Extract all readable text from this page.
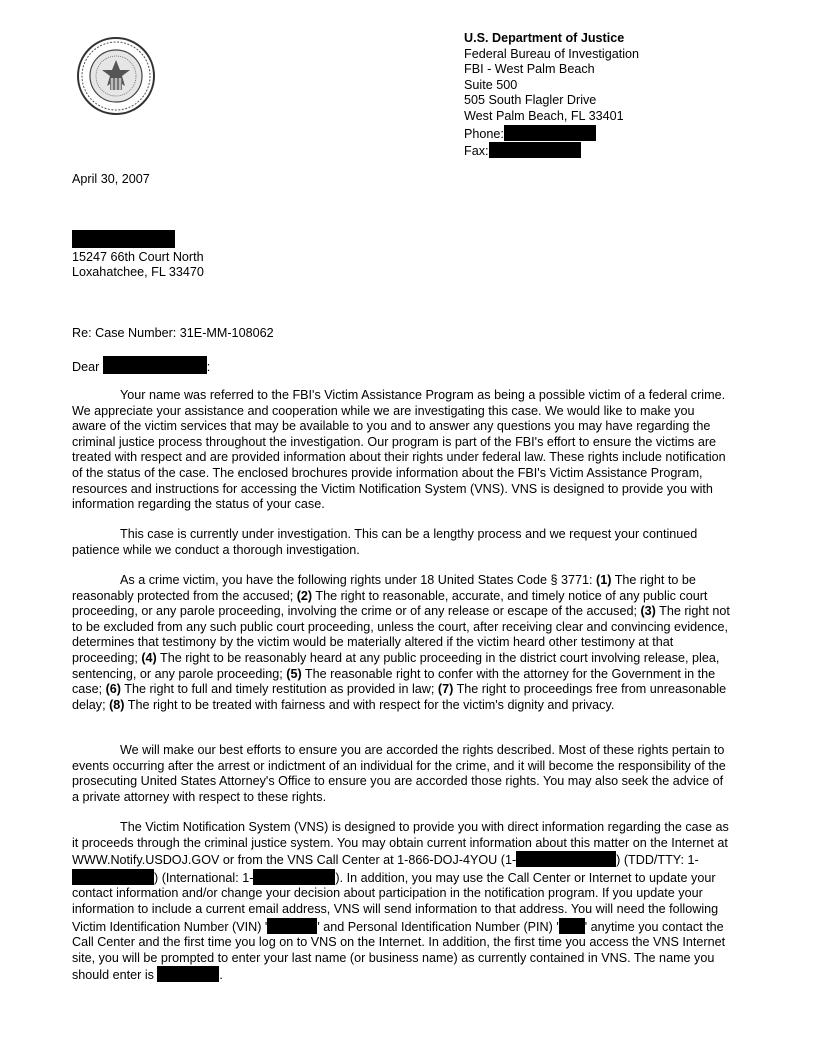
U.S. Department of Justice
Federal Bureau of Investigation
FBI - West Palm Beach
Suite 500
505 South Flagler Drive
West Palm Beach, FL 33401
Phone:
Fax:
April 30, 2007
15247 66th Court North
Loxahatchee, FL 33470
Re: Case Number: 31E-MM-108062
Dear	:
Your name was referred to the FBI's Victim Assistance Program as being a possible victim of a federal crime. We appreciate your assistance and cooperation while we are investigating this case. We would like to make you aware of the victim services that may be available to you and to answer any questions you may have regarding the criminal justice process throughout the investigation. Our program is part of the FBI's effort to ensure the victims are treated with respect and are provided information about their rights under federal law. These rights include notification of the status of the case. The enclosed brochures provide information about the FBI's Victim Assistance Program, resources and instructions for accessing the Victim Notification System (VNS). VNS is designed to provide you with information regarding the status of your case.
This case is currently under investigation. This can be a lengthy process and we request your continued patience while we conduct a thorough investigation.
As a crime victim, you have the following rights under 18 United States Code § 3771: (1) The right to be reasonably protected from the accused; (2) The right to reasonable, accurate, and timely notice of any public court proceeding, or any parole proceeding, involving the crime or of any release or escape of the accused; (3) The right not to be excluded from any such public court proceeding, unless the court, after receiving clear and convincing evidence, determines that testimony by the victim would be materially altered if the victim heard other testimony at that proceeding; (4) The right to be reasonably heard at any public proceeding in the district court involving release, plea, sentencing, or any parole proceeding; (5) The reasonable right to confer with the attorney for the Government in the case; (6) The right to full and timely restitution as provided in law; (7) The right to proceedings free from unreasonable delay; (8) The right to be treated with fairness and with respect for the victim's dignity and privacy.
We will make our best efforts to ensure you are accorded the rights described. Most of these rights pertain to events occurring after the arrest or indictment of an individual for the crime, and it will become the responsibility of the prosecuting United States Attorney's Office to ensure you are accorded those rights. You may also seek the advice of a private attorney with respect to these rights.
The Victim Notification System (VNS) is designed to provide you with direct information regarding the case as it proceeds through the criminal justice system. You may obtain current information about this matter on the Internet at WWW.Notify.USDOJ.GOV or from the VNS Call Center at 1-866-DOJ-4YOU (1-	) (TDD/TTY: 1-) (International: 1-	). In addition, you may use the Call Center or Internet to update your contact information and/or change your decision about participation in the notification program. If you update your information to include a current email address, VNS will send information to that address. You will need the following Victim Identification Number (VIN) '	' and Personal Identification Number (PIN) ' ' anytime you contact the Call Center and the first time you log on to VNS on the Internet. In addition, the first time you access the VNS Internet site, you will be prompted to enter your last name (or business name) as currently contained in VNS. The name you should enter is	.
